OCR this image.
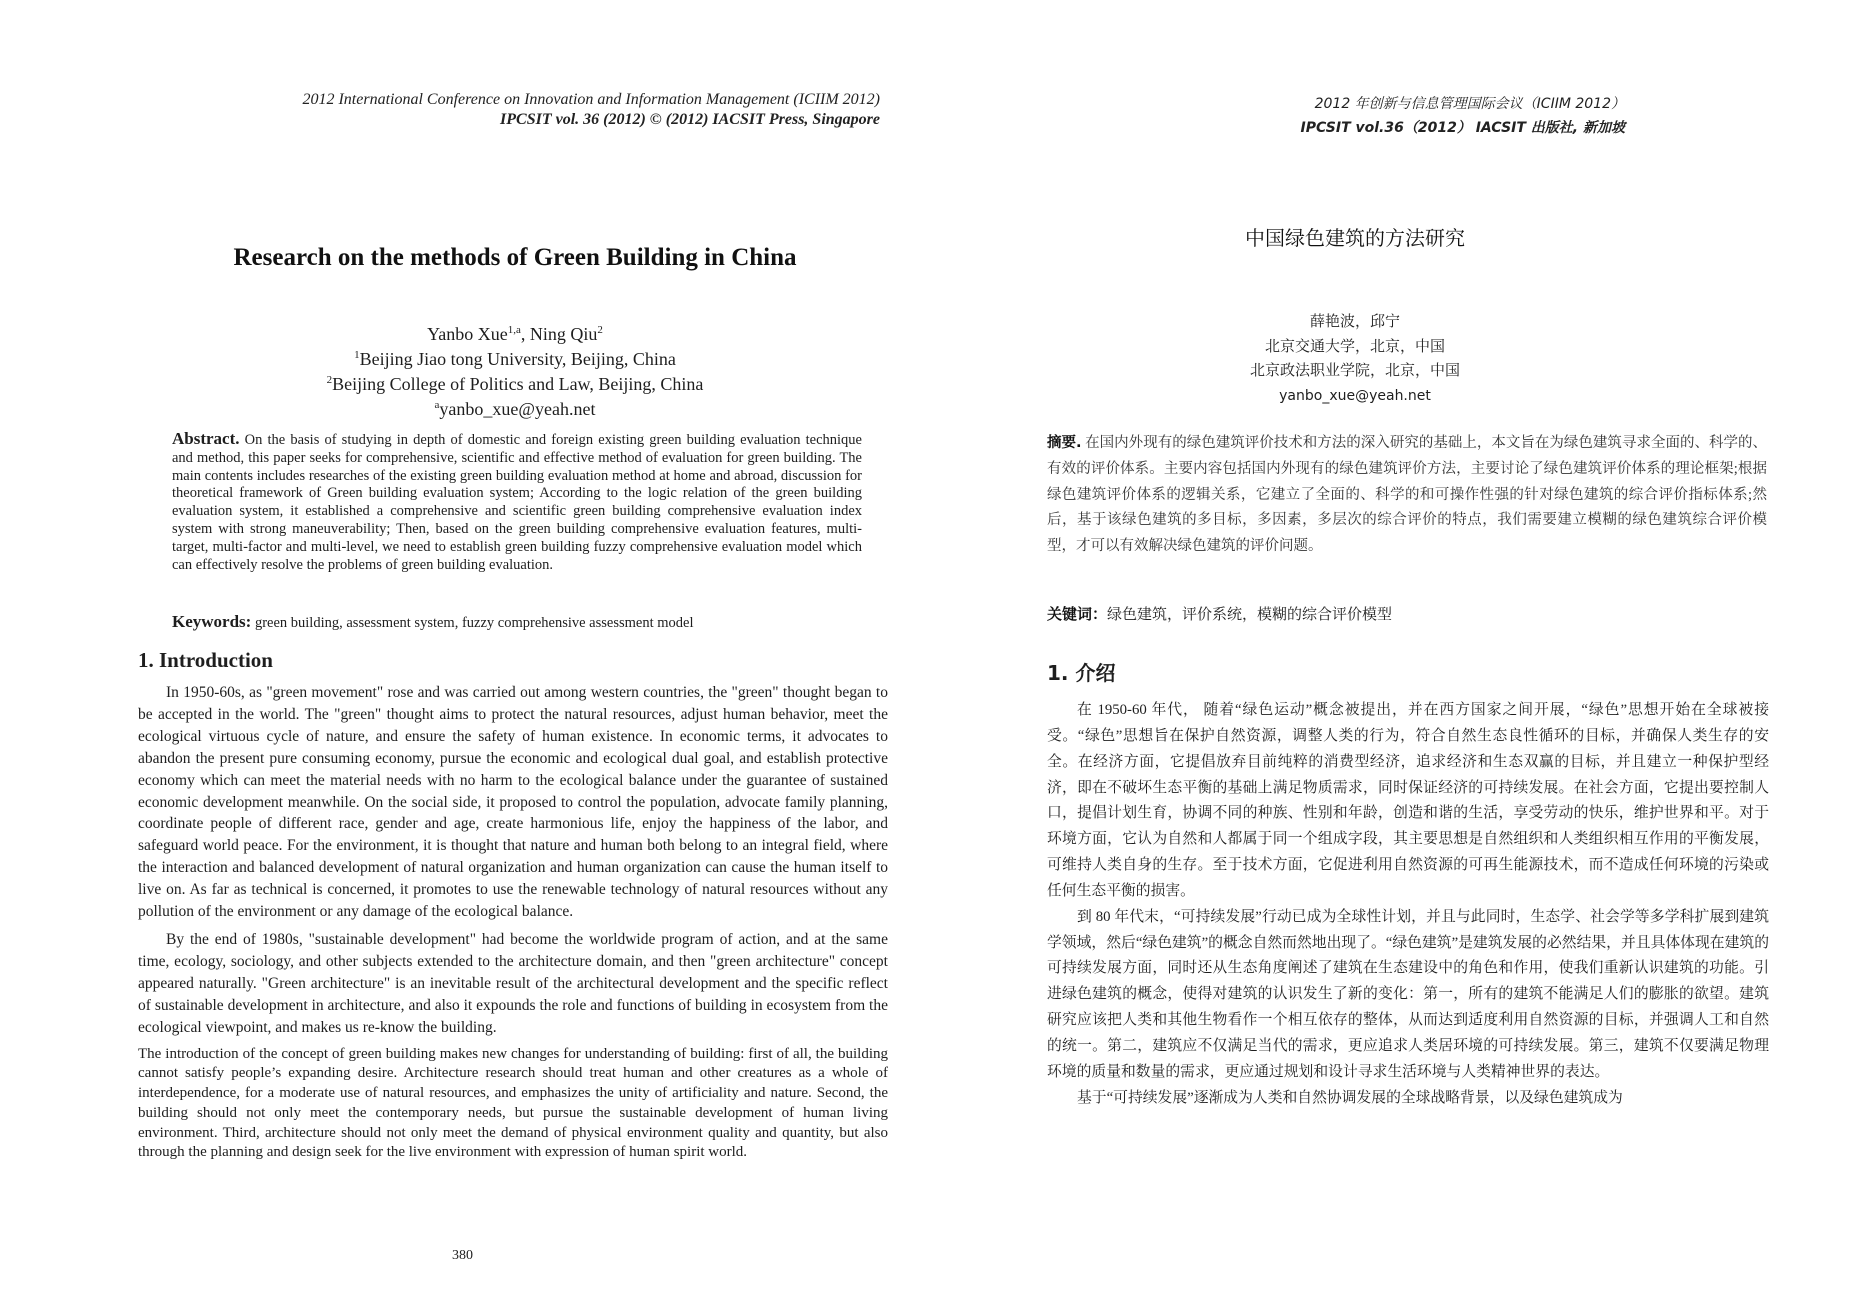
2012 International Conference on Innovation and Information Management (ICIIM 2012)
IPCSIT vol. 36 (2012) © (2012) IACSIT Press, Singapore
Research on the methods of Green Building in China
Yanbo Xue$^{1,a}$, Ning Qiu$^2$
$^1$Beijing Jiao tong University, Beijing, China
$^2$Beijing College of Politics and Law, Beijing, China
$^a$yanbo_xue@yeah.net
Abstract. On the basis of studying in depth of domestic and foreign existing green building evaluation technique and method, this paper seeks for comprehensive, scientific and effective method of evaluation for green building. The main contents includes researches of the existing green building evaluation method at home and abroad, discussion for theoretical framework of Green building evaluation system; According to the logic relation of the green building evaluation system, it established a comprehensive and scientific green building comprehensive evaluation index system with strong maneuverability; Then, based on the green building comprehensive evaluation features, multi-target, multi-factor and multi-level, we need to establish green building fuzzy comprehensive evaluation model which can effectively resolve the problems of green building evaluation.
Keywords: green building, assessment system, fuzzy comprehensive assessment model
1. Introduction

In 1950-60s, as "green movement" rose and was carried out among western countries, the "green" thought began to be accepted in the world. The "green" thought aims to protect the natural resources, adjust human behavior, meet the ecological virtuous cycle of nature, and ensure the safety of human existence. In economic terms, it advocates to abandon the present pure consuming economy, pursue the economic and ecological dual goal, and establish protective economy which can meet the material needs with no harm to the ecological balance under the guarantee of sustained economic development meanwhile. On the social side, it proposed to control the population, advocate family planning, coordinate people of different race, gender and age, create harmonious life, enjoy the happiness of the labor, and safeguard world peace. For the environment, it is thought that nature and human both belong to an integral field, where the interaction and balanced development of natural organization and human organization can cause the human itself to live on. As far as technical is concerned, it promotes to use the renewable technology of natural resources without any pollution of the environment or any damage of the ecological balance.

By the end of 1980s, "sustainable development" had become the worldwide program of action, and at the same time, ecology, sociology, and other subjects extended to the architecture domain, and then "green architecture" concept appeared naturally. "Green architecture" is an inevitable result of the architectural development and the specific reflect of sustainable development in architecture, and also it expounds the role and functions of building in ecosystem from the ecological viewpoint, and makes us re-know the building.

The introduction of the concept of green building makes new changes for understanding of building: first of all, the building cannot satisfy people’s expanding desire. Architecture research should treat human and other creatures as a whole of interdependence, for a moderate use of natural resources, and emphasizes the unity of artificiality and nature. Second, the building should not only meet the contemporary needs, but pursue the sustainable development of human living environment. Third, architecture should not only meet the demand of physical environment quality and quantity, but also through the planning and design seek for the live environment with expression of human spirit world.

380
2012 年创新与信息管理国际会议（ICIIM 2012）
IPCSIT vol.36（2012） IACSIT 出版社, 新加坡
中国绿色建筑的方法研究
薛艳波，邱宁
北京交通大学，北京，中国
北京政法职业学院，北京，中国
yanbo_xue@yeah.net
摘要. 在国内外现有的绿色建筑评价技术和方法的深入研究的基础上，本文旨在为绿色建筑寻求全面的、科学的、有效的评价体系。主要内容包括国内外现有的绿色建筑评价方法，主要讨论了绿色建筑评价体系的理论框架;根据绿色建筑评价体系的逻辑关系，它建立了全面的、科学的和可操作性强的针对绿色建筑的综合评价指标体系;然后，基于该绿色建筑的多目标，多因素，多层次的综合评价的特点，我们需要建立模糊的绿色建筑综合评价模型，才可以有效解决绿色建筑的评价问题。
关键词：绿色建筑，评价系统，模糊的综合评价模型
1. 介绍

在 1950-60 年代， 随着“绿色运动”概念被提出，并在西方国家之间开展，“绿色”思想开始在全球被接受。“绿色”思想旨在保护自然资源，调整人类的行为，符合自然生态良性循环的目标，并确保人类生存的安全。在经济方面，它提倡放弃目前纯粹的消费型经济，追求经济和生态双赢的目标，并且建立一种保护型经济，即在不破坏生态平衡的基础上满足物质需求，同时保证经济的可持续发展。在社会方面，它提出要控制人口，提倡计划生育，协调不同的种族、性别和年龄，创造和谐的生活，享受劳动的快乐，维护世界和平。对于环境方面，它认为自然和人都属于同一个组成字段，其主要思想是自然组织和人类组织相互作用的平衡发展，可维持人类自身的生存。至于技术方面，它促进利用自然资源的可再生能源技术，而不造成任何环境的污染或任何生态平衡的损害。

到 80 年代末，“可持续发展”行动已成为全球性计划，并且与此同时，生态学、社会学等多学科扩展到建筑学领域，然后“绿色建筑”的概念自然而然地出现了。“绿色建筑”是建筑发展的必然结果，并且具体体现在建筑的可持续发展方面，同时还从生态角度阐述了建筑在生态建设中的角色和作用，使我们重新认识建筑的功能。引进绿色建筑的概念，使得对建筑的认识发生了新的变化：第一，所有的建筑不能满足人们的膨胀的欲望。建筑研究应该把人类和其他生物看作一个相互依存的整体，从而达到适度利用自然资源的目标，并强调人工和自然的统一。第二，建筑应不仅满足当代的需求，更应追求人类居环境的可持续发展。第三，建筑不仅要满足物理环境的质量和数量的需求，更应通过规划和设计寻求生活环境与人类精神世界的表达。

基于“可持续发展”逐渐成为人类和自然协调发展的全球战略背景，以及绿色建筑成为
